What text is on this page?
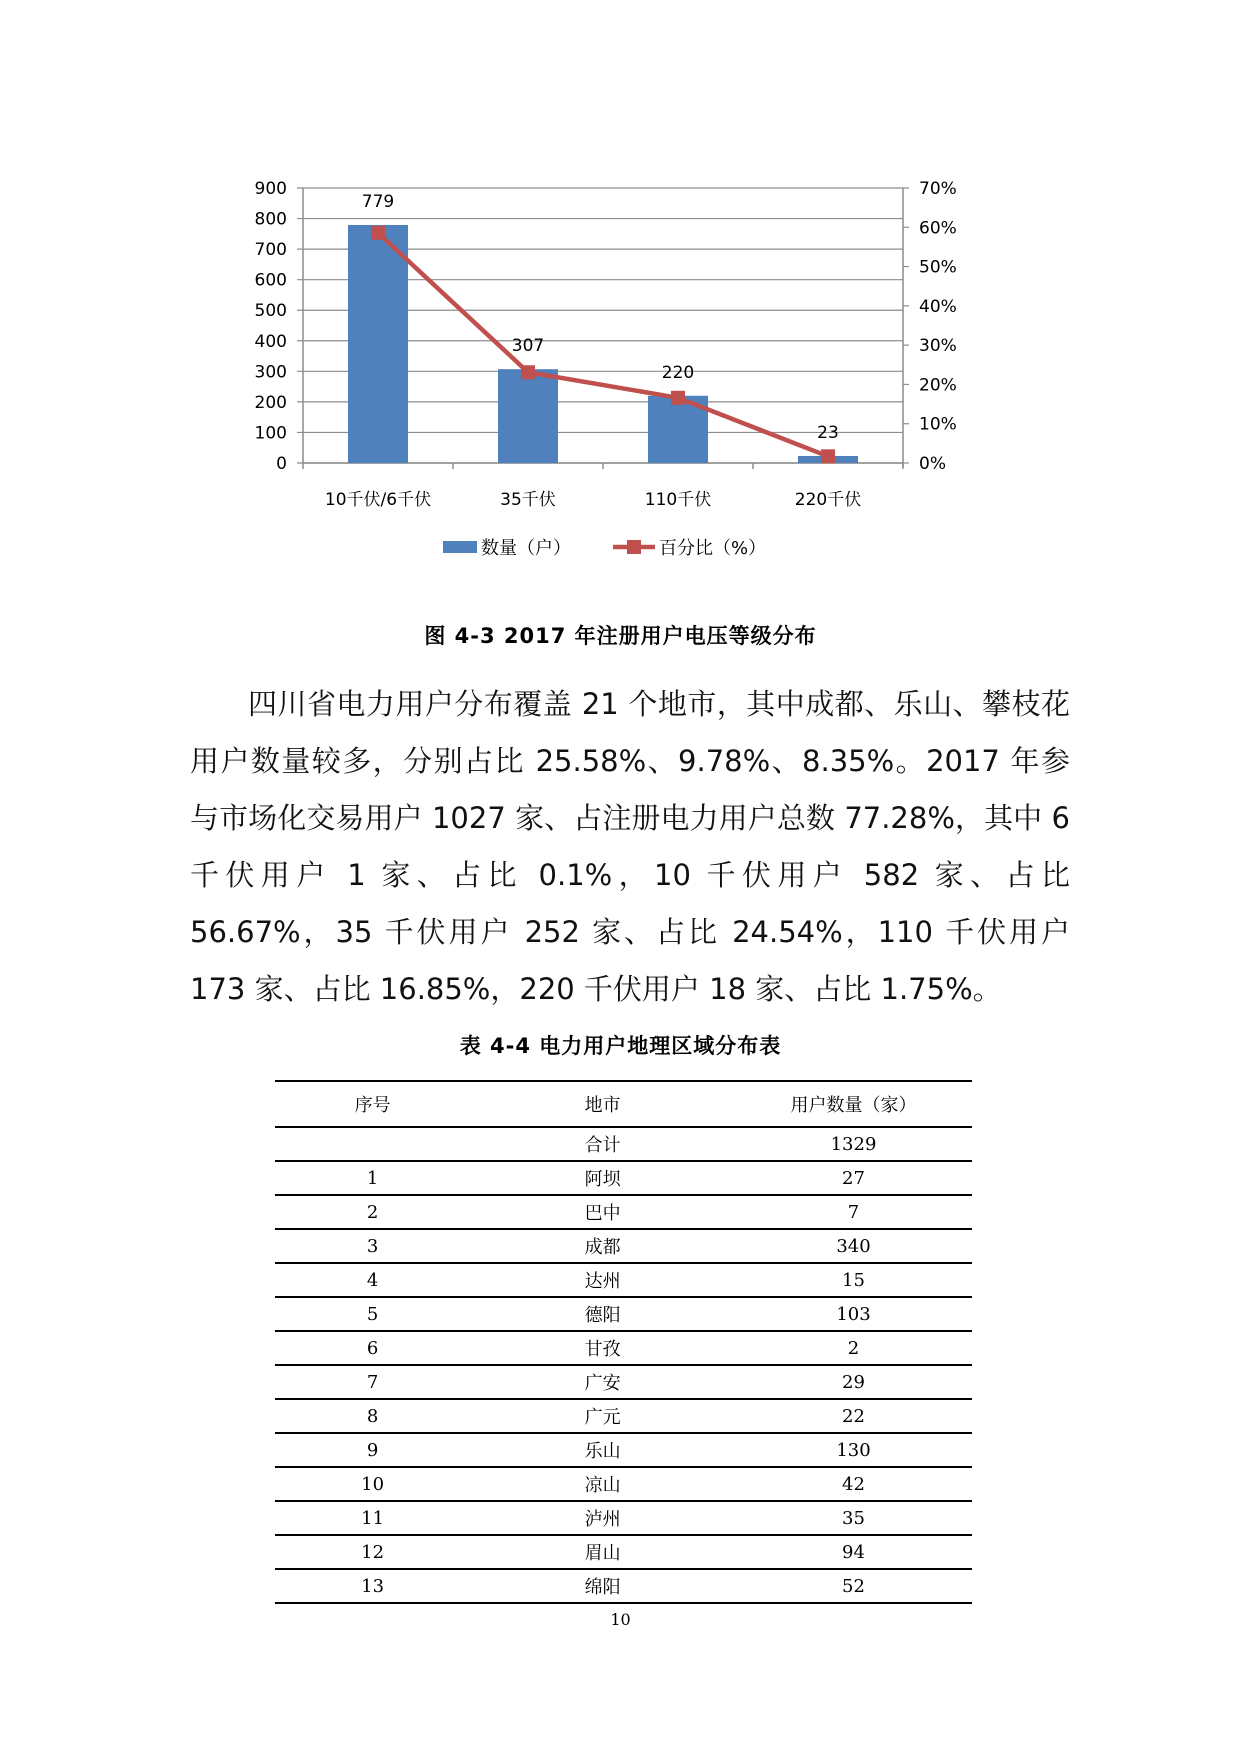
0
100
200
300
400
500
600
700
800
900
0%
10%
20%
30%
40%
50%
60%
70%
779
10千伏/6千伏
307
35千伏
220
110千伏
23
220千伏
数量（户）	百分比（%）
图 4-3 2017 年注册用户电压等级分布

四川省电力用户分布覆盖 21 个地市，其中成都、乐山、攀枝花用户数量较多，分别占比 25.58%、9.78%、8.35%。2017 年参与市场化交易用户 1027 家、占注册电力用户总数 77.28%，其中 6 千伏用户 1 家、占比 0.1%，10 千伏用户 582 家、占比 56.67%，35 千伏用户 252 家、占比 24.54%，110 千伏用户 173 家、占比 16.85%，220 千伏用户 18 家、占比 1.75%。

表 4-4 电力用户地理区域分布表
序号	地市	用户数量（家）
	合计	1329
1	阿坝	27
2	巴中	7
3	成都	340
4	达州	15
5	德阳	103
6	甘孜	2
7	广安	29
8	广元	22
9	乐山	130
10	凉山	42
11	泸州	35
12	眉山	94
13	绵阳	52
10
